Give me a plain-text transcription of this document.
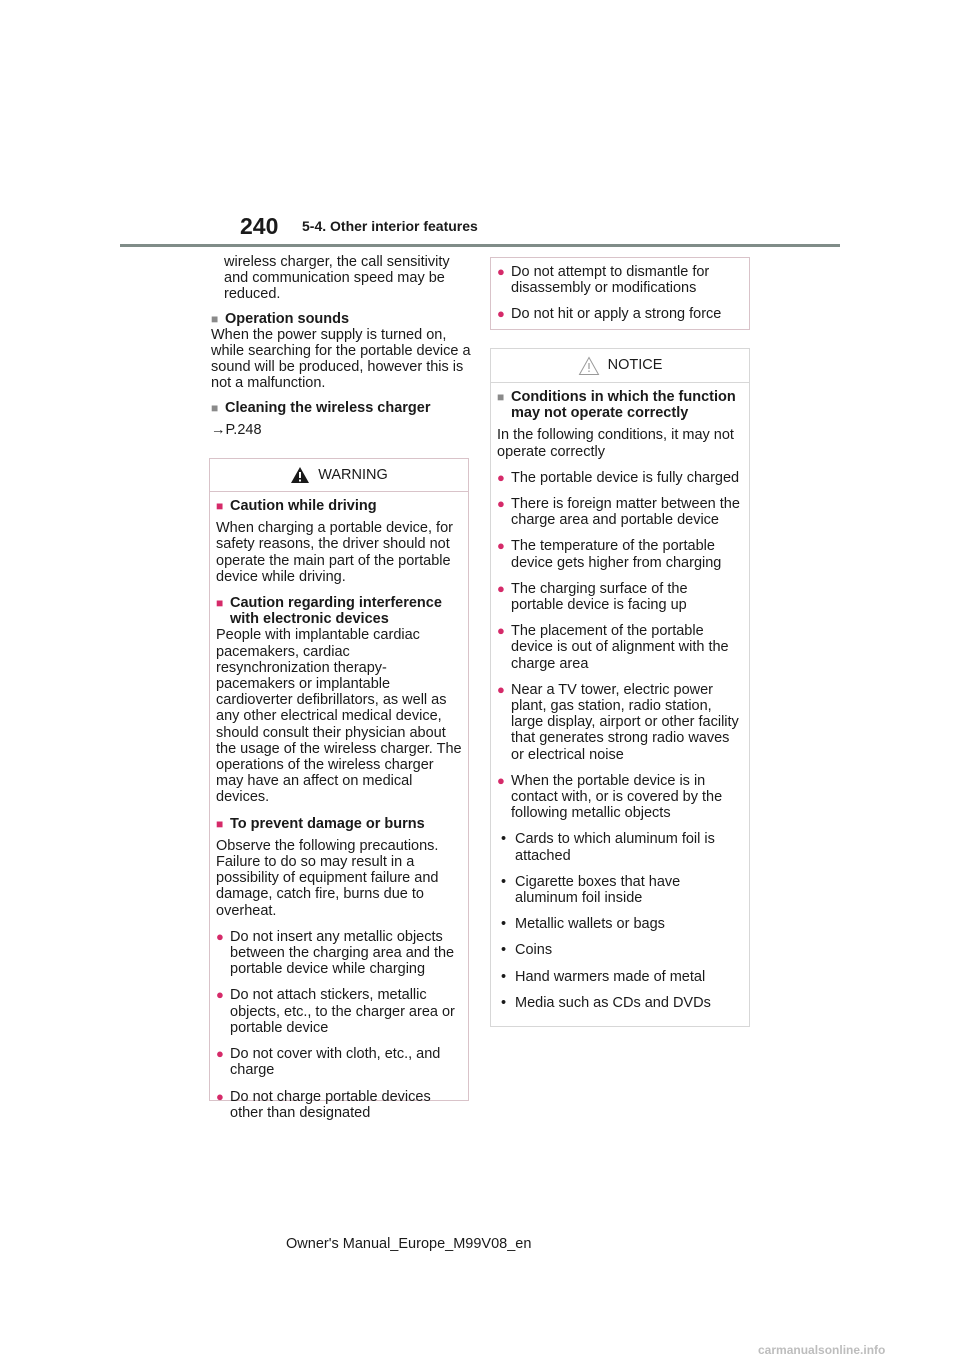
240 5-4. Other interior features

wireless charger, the call sensitivity and communication speed may be reduced.

■ Operation sounds

When the power supply is turned on, while searching for the portable device a sound will be produced, however this is not a malfunction.

■ Cleaning the wireless charger

→P.248

WARNING
■ Caution while driving

When charging a portable device, for safety reasons, the driver should not operate the main part of the portable device while driving.

■ Caution regarding interference with electronic devices

People with implantable cardiac pacemakers, cardiac resynchronization therapy-pacemakers or implantable cardioverter defibrillators, as well as any other electrical medical device, should consult their physician about the usage of the wireless charger. The operations of the wireless charger may have an affect on medical devices.

■ To prevent damage or burns

Observe the following precautions. Failure to do so may result in a possibility of equipment failure and damage, catch fire, burns due to overheat.

● Do not insert any metallic objects between the charging area and the portable device while charging
● Do not attach stickers, metallic objects, etc., to the charger area or portable device
● Do not cover with cloth, etc., and charge
● Do not charge portable devices other than designated
● Do not attempt to dismantle for disassembly or modifications
● Do not hit or apply a strong force
NOTICE
■ Conditions in which the function may not operate correctly

In the following conditions, it may not operate correctly

● The portable device is fully charged
● There is foreign matter between the charge area and portable device
● The temperature of the portable device gets higher from charging
● The charging surface of the portable device is facing up
● The placement of the portable device is out of alignment with the charge area
● Near a TV tower, electric power plant, gas station, radio station, large display, airport or other facility that generates strong radio waves or electrical noise
● When the portable device is in contact with, or is covered by the following metallic objects
• Cards to which aluminum foil is attached
• Cigarette boxes that have aluminum foil inside
• Metallic wallets or bags
• Coins
• Hand warmers made of metal
• Media such as CDs and DVDs
Owner's Manual_Europe_M99V08_en
carmanualsonline.info
